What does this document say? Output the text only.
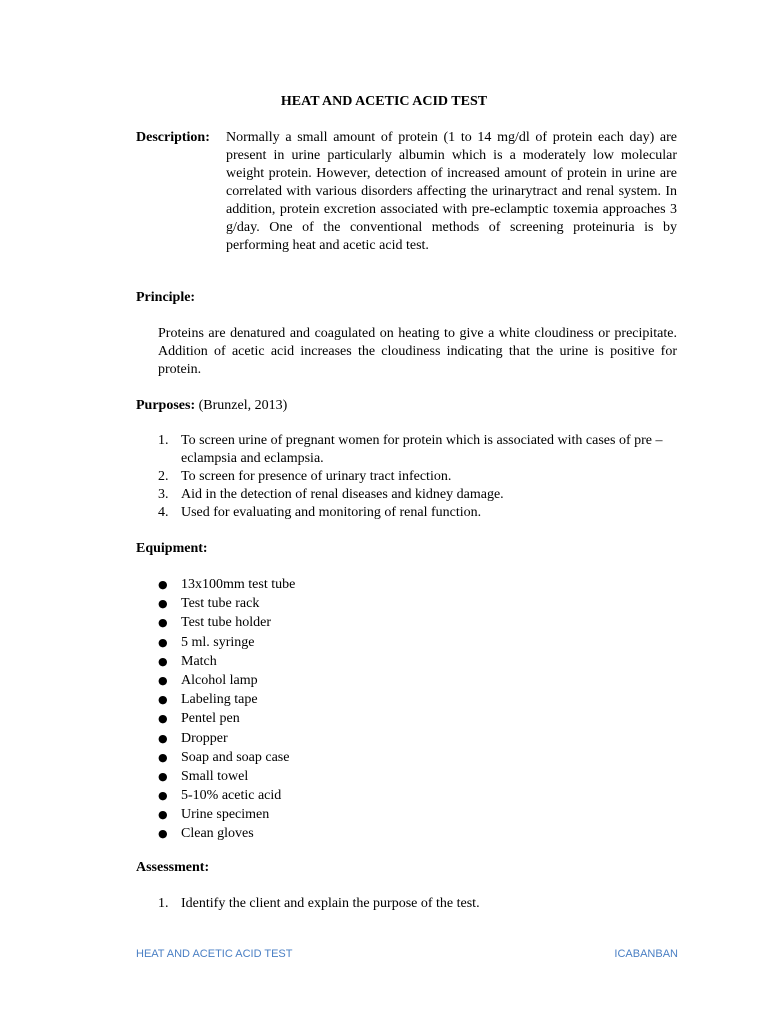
HEAT AND ACETIC ACID TEST
Description: Normally a small amount of protein (1 to 14 mg/dl of protein each day) are present in urine particularly albumin which is a moderately low molecular weight protein. However, detection of increased amount of protein in urine are correlated with various disorders affecting the urinarytract and renal system. In addition, protein excretion associated with pre-eclamptic toxemia approaches 3 g/day. One of the conventional methods of screening proteinuria is by performing heat and acetic acid test.
Principle:
Proteins are denatured and coagulated on heating to give a white cloudiness or precipitate. Addition of acetic acid increases the cloudiness indicating that the urine is positive for protein.
Purposes: (Brunzel, 2013)
1. To screen urine of pregnant women for protein which is associated with cases of pre –eclampsia and eclampsia.
2. To screen for presence of urinary tract infection.
3. Aid in the detection of renal diseases and kidney damage.
4. Used for evaluating and monitoring of renal function.
Equipment:
● 13x100mm test tube
● Test tube rack
● Test tube holder
● 5 ml. syringe
● Match
● Alcohol lamp
● Labeling tape
● Pentel pen
● Dropper
● Soap and soap case
● Small towel
● 5-10% acetic acid
● Urine specimen
● Clean gloves
Assessment:
1. Identify the client and explain the purpose of the test.
HEAT AND ACETIC ACID TEST	ICABANBAN
